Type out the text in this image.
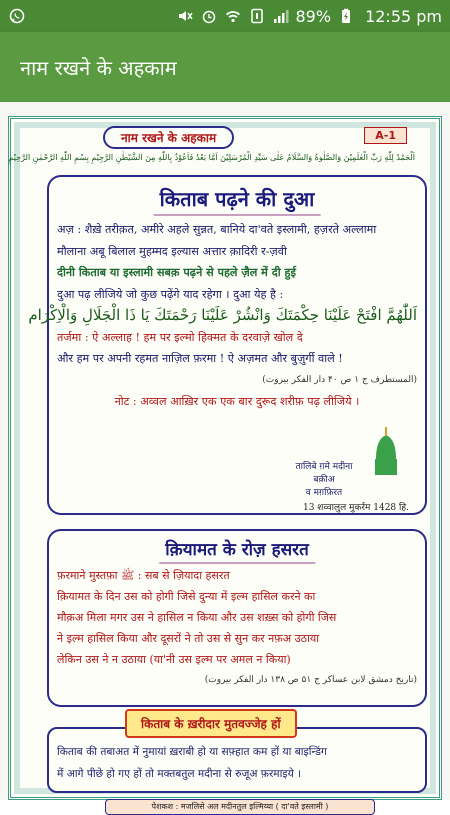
89% 12:55 pm
नाम रखने के अहकाम
नाम रखने के अहकाम	A-1
اَلْحَمْدُ لِلّٰهِ رَبِّ الْعٰلَمِیْنَ وَالصَّلٰوةُ وَالسَّلَامُ عَلٰی سَیِّدِ الْمُرْسَلِیْنَ اَمَّا بَعْدُ فَاَعُوْذُ بِاللّٰهِ مِنَ الشَّیْطٰنِ الرَّجِیْمِ بِسْمِ اللّٰهِ الرَّحْمٰنِ الرَّحِیْمِ
किताब पढ़ने की दुआ
अज़ : शैख़े तरीक़त, अमीरे अहले सुन्नत, बानिये दा'वते इस्लामी, हज़रते अल्लामा
मौलाना अबू बिलाल मुहम्मद इल्यास अत्तार क़ादिरी र-ज़वी
दीनी किताब या इस्लामी सबक़ पढ़ने से पहले ज़ैल में दी हुई
दुआ पढ़ लीजिये जो कुछ पढ़ेंगे याद रहेगा । दुआ येह है :
اَللّٰهُمَّ افْتَحْ عَلَيْنَا حِكْمَتَكَ وَانْشُرْ عَلَيْنَا رَحْمَتَكَ يَا ذَا الْجَلَالِ وَالْاِكْرَام
तर्जमा : ऐ अल्लाह ! हम पर इल्मो हिक्मत के दरवाज़े खोल दे
और हम पर अपनी रहमत नाज़िल फ़रमा ! ऐ अज़मत और बुज़ुर्गी वाले !
(المستطرف ج ۱ ص ۴۰ دار الفکر بیروت)
नोट : अव्वल आख़िर एक एक बार दुरूद शरीफ़ पढ़ लीजिये ।
तालिबे ग़मे मदीना
बक़ीअ
व मग़फ़िरत
13 शव्वालुल मुकर्रम 1428 हि.
क़ियामत के रोज़ हसरत
फ़रमाने मुस्तफ़ा ﷺ : सब से ज़ियादा हसरत
क़ियामत के दिन उस को होगी जिसे दुन्या में इल्म हासिल करने का
मौक़अ मिला मगर उस ने हासिल न किया और उस शख़्स को होगी जिस
ने इल्म हासिल किया और दूसरों ने तो उस से सुन कर नफ़अ उठाया
लेकिन उस ने न उठाया (या'नी उस इल्म पर अमल न किया)
(تاریخ دمشق لابن عساکر ج ۵۱ ص ۱۳۸ دار الفکر بیروت)
किताब की तबाअत में नुमायां ख़राबी हो या सफ़्हात कम हों या बाइन्डिंग
में आगे पीछे हो गए हों तो मक्तबतुल मदीना से रुजूअ फ़रमाइये ।
किताब के ख़रीदार मुतवज्जेह हों
पेशकश : मजलिसे अल मदीनतुल इल्मिय्या ( दा'वते इस्लामी )
